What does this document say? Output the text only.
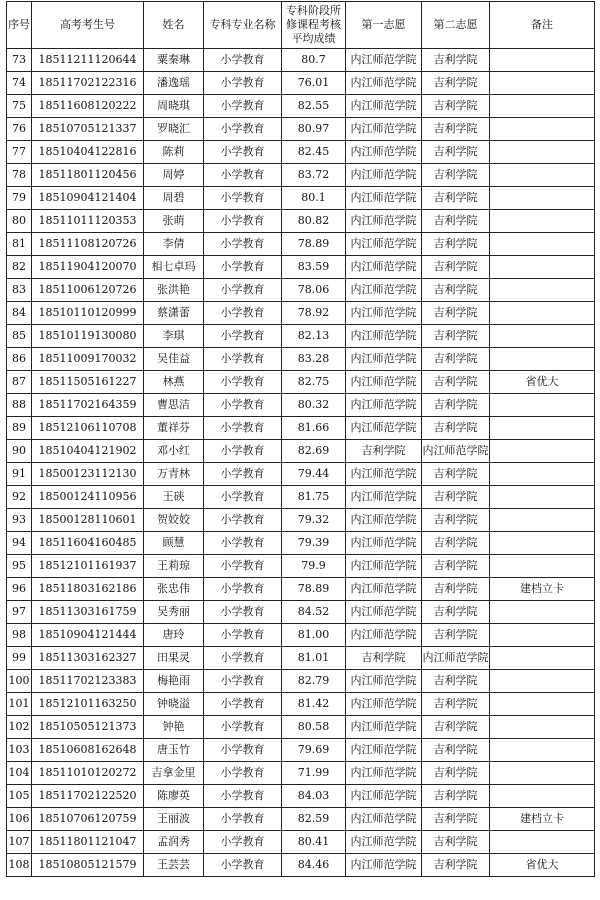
序号	高考考生号	姓名	专科专业名称	专科阶段所修课程考核平均成绩	第一志愿	第二志愿	备注
73	18511211120644	粟秦琳	小学教育	80.7	内江师范学院	吉利学院	
74	18511702122316	潘逸瑶	小学教育	76.01	内江师范学院	吉利学院	
75	18511608120222	周晓琪	小学教育	82.55	内江师范学院	吉利学院	
76	18510705121337	罗晓汇	小学教育	80.97	内江师范学院	吉利学院	
77	18510404122816	陈莉	小学教育	82.45	内江师范学院	吉利学院	
78	18511801120456	周婷	小学教育	83.72	内江师范学院	吉利学院	
79	18510904121404	周碧	小学教育	80.1	内江师范学院	吉利学院	
80	18511011120353	张萌	小学教育	80.82	内江师范学院	吉利学院	
81	18511108120726	李倩	小学教育	78.89	内江师范学院	吉利学院	
82	18511904120070	相七卓玛	小学教育	83.59	内江师范学院	吉利学院	
83	18511006120726	张洪艳	小学教育	78.06	内江师范学院	吉利学院	
84	18510110120999	蔡潇蕾	小学教育	78.92	内江师范学院	吉利学院	
85	18510119130080	李琪	小学教育	82.13	内江师范学院	吉利学院	
86	18511009170032	吴佳益	小学教育	83.28	内江师范学院	吉利学院	
87	18511505161227	林燕	小学教育	82.75	内江师范学院	吉利学院	省优大
88	18511702164359	曹思洁	小学教育	80.32	内江师范学院	吉利学院	
89	18512106110708	董祥芬	小学教育	81.66	内江师范学院	吉利学院	
90	18510404121902	邓小红	小学教育	82.69	吉利学院	内江师范学院	
91	18500123112130	万青林	小学教育	79.44	内江师范学院	吉利学院	
92	18500124110956	王硖	小学教育	81.75	内江师范学院	吉利学院	
93	18500128110601	贺姣姣	小学教育	79.32	内江师范学院	吉利学院	
94	18511604160485	顾慧	小学教育	79.39	内江师范学院	吉利学院	
95	18512101161937	王莉琼	小学教育	79.9	内江师范学院	吉利学院	
96	18511803162186	张忠伟	小学教育	78.89	内江师范学院	吉利学院	建档立卡
97	18511303161759	吴秀丽	小学教育	84.52	内江师范学院	吉利学院	
98	18510904121444	唐玲	小学教育	81.00	内江师范学院	吉利学院	
99	18511303162327	田果灵	小学教育	81.01	吉利学院	内江师范学院	
100	18511702123383	梅艳雨	小学教育	82.79	内江师范学院	吉利学院	
101	18512101163250	钟晓溢	小学教育	81.42	内江师范学院	吉利学院	
102	18510505121373	钟艳	小学教育	80.58	内江师范学院	吉利学院	
103	18510608162648	唐玉竹	小学教育	79.69	内江师范学院	吉利学院	
104	18511010120272	吉拿金里	小学教育	71.99	内江师范学院	吉利学院	
105	18511702122520	陈廖英	小学教育	84.03	内江师范学院	吉利学院	
106	18510706120759	王丽波	小学教育	82.59	内江师范学院	吉利学院	建档立卡
107	18511801121047	孟润秀	小学教育	80.41	内江师范学院	吉利学院	
108	18510805121579	王芸芸	小学教育	84.46	内江师范学院	吉利学院	省优大
